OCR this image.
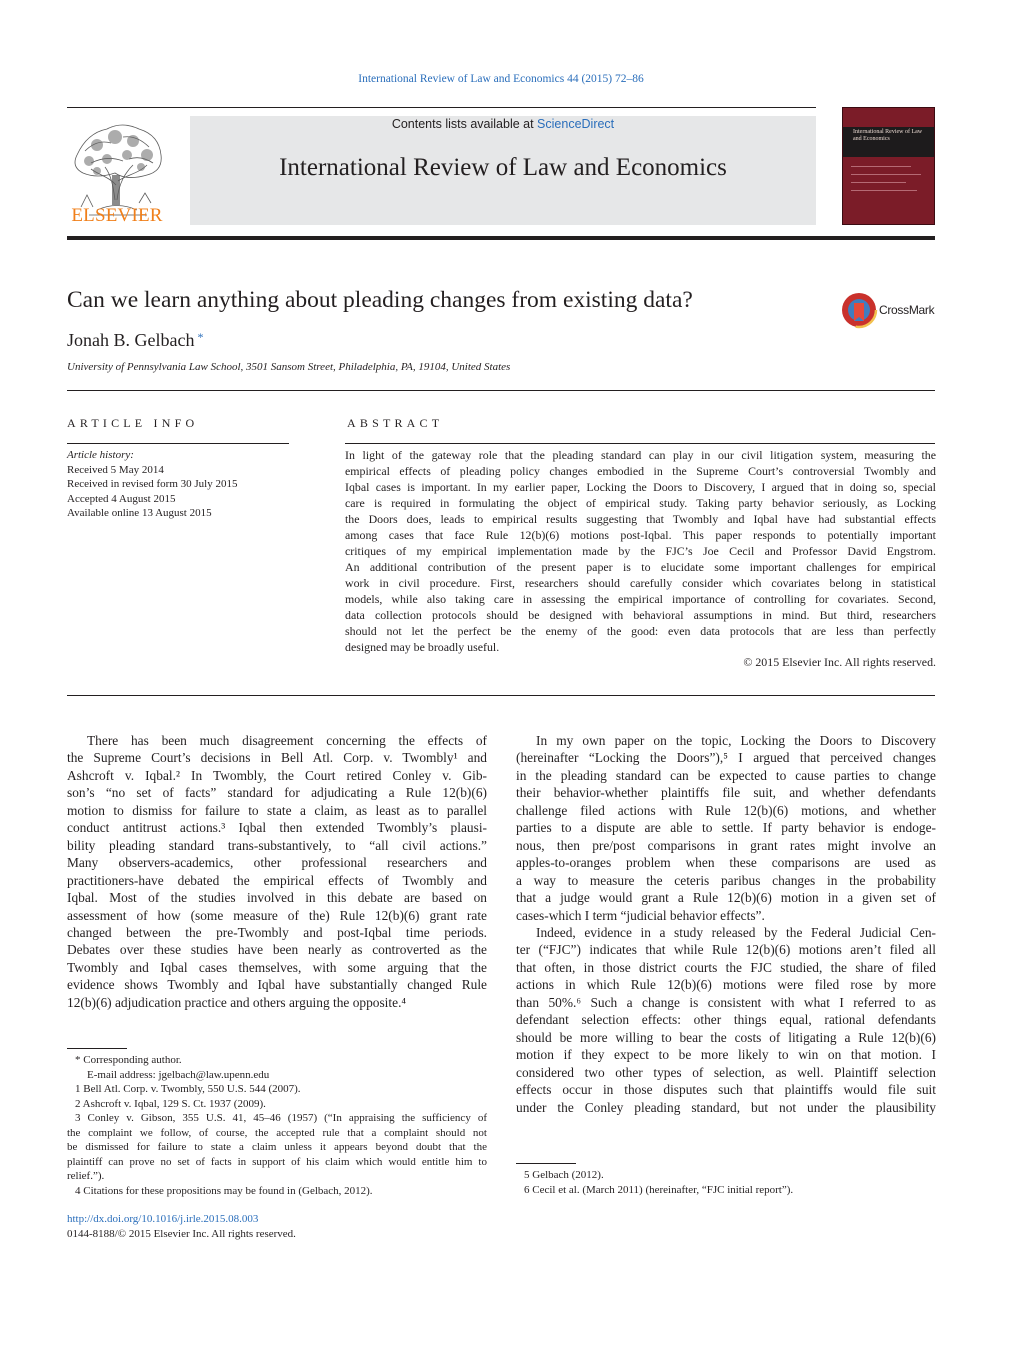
International Review of Law and Economics 44 (2015) 72–86
ELSEVIER
Contents lists available at ScienceDirect
International Review of Law and Economics
International Review of Law and Economics
Can we learn anything about pleading changes from existing data?	CrossMark
Jonah B. Gelbach *
University of Pennsylvania Law School, 3501 Sansom Street, Philadelphia, PA, 19104, United States
ARTICLE INFO
Article history:
Received 5 May 2014
Received in revised form 30 July 2015
Accepted 4 August 2015
Available online 13 August 2015
ABSTRACT
In light of the gateway role that the pleading standard can play in our civil litigation system, measuring the
empirical effects of pleading policy changes embodied in the Supreme Court’s controversial Twombly and
Iqbal cases is important. In my earlier paper, Locking the Doors to Discovery, I argued that in doing so, special
care is required in formulating the object of empirical study. Taking party behavior seriously, as Locking
the Doors does, leads to empirical results suggesting that Twombly and Iqbal have had substantial effects
among cases that face Rule 12(b)(6) motions post-Iqbal. This paper responds to potentially important
critiques of my empirical implementation made by the FJC’s Joe Cecil and Professor David Engstrom.
An additional contribution of the present paper is to elucidate some important challenges for empirical
work in civil procedure. First, researchers should carefully consider which covariates belong in statistical
models, while also taking care in assessing the empirical importance of controlling for covariates. Second,
data collection protocols should be designed with behavioral assumptions in mind. But third, researchers
should not let the perfect be the enemy of the good: even data protocols that are less than perfectly
designed may be broadly useful.
© 2015 Elsevier Inc. All rights reserved.
There has been much disagreement concerning the effects of
the Supreme Court’s decisions in Bell Atl. Corp. v. Twombly¹ and
Ashcroft v. Iqbal.² In Twombly, the Court retired Conley v. Gib-
son’s “no set of facts” standard for adjudicating a Rule 12(b)(6)
motion to dismiss for failure to state a claim, as least as to parallel
conduct antitrust actions.³ Iqbal then extended Twombly’s plausi-
bility pleading standard trans-substantively, to “all civil actions.”
Many observers-academics, other professional researchers and
practitioners-have debated the empirical effects of Twombly and
Iqbal. Most of the studies involved in this debate are based on
assessment of how (some measure of the) Rule 12(b)(6) grant rate
changed between the pre-Twombly and post-Iqbal time periods.
Debates over these studies have been nearly as controverted as the
Twombly and Iqbal cases themselves, with some arguing that the
evidence shows Twombly and Iqbal have substantially changed Rule
12(b)(6) adjudication practice and others arguing the opposite.⁴
In my own paper on the topic, Locking the Doors to Discovery
(hereinafter “Locking the Doors”),⁵ I argued that perceived changes
in the pleading standard can be expected to cause parties to change
their behavior-whether plaintiffs file suit, and whether defendants
challenge filed actions with Rule 12(b)(6) motions, and whether
parties to a dispute are able to settle. If party behavior is endoge-
nous, then pre/post comparisons in grant rates might involve an
apples-to-oranges problem when these comparisons are used as
a way to measure the ceteris paribus changes in the probability
that a judge would grant a Rule 12(b)(6) motion in a given set of
cases-which I term “judicial behavior effects”.
Indeed, evidence in a study released by the Federal Judicial Cen-
ter (“FJC”) indicates that while Rule 12(b)(6) motions aren’t filed all
that often, in those district courts the FJC studied, the share of filed
actions in which Rule 12(b)(6) motions were filed rose by more
than 50%.⁶ Such a change is consistent with what I referred to as
defendant selection effects: other things equal, rational defendants
should be more willing to bear the costs of litigating a Rule 12(b)(6)
motion if they expect to be more likely to win on that motion. I
considered two other types of selection, as well. Plaintiff selection
effects occur in those disputes such that plaintiffs would file suit
under the Conley pleading standard, but not under the plausibility
* Corresponding author.
E-mail address: jgelbach@law.upenn.edu
1 Bell Atl. Corp. v. Twombly, 550 U.S. 544 (2007).
2 Ashcroft v. Iqbal, 129 S. Ct. 1937 (2009).
3 Conley v. Gibson, 355 U.S. 41, 45–46 (1957) (“In appraising the sufficiency of
the complaint we follow, of course, the accepted rule that a complaint should not
be dismissed for failure to state a claim unless it appears beyond doubt that the
plaintiff can prove no set of facts in support of his claim which would entitle him to
relief.”).
4 Citations for these propositions may be found in (Gelbach, 2012).
5 Gelbach (2012).
6 Cecil et al. (March 2011) (hereinafter, “FJC initial report”).
http://dx.doi.org/10.1016/j.irle.2015.08.003
0144-8188/© 2015 Elsevier Inc. All rights reserved.
